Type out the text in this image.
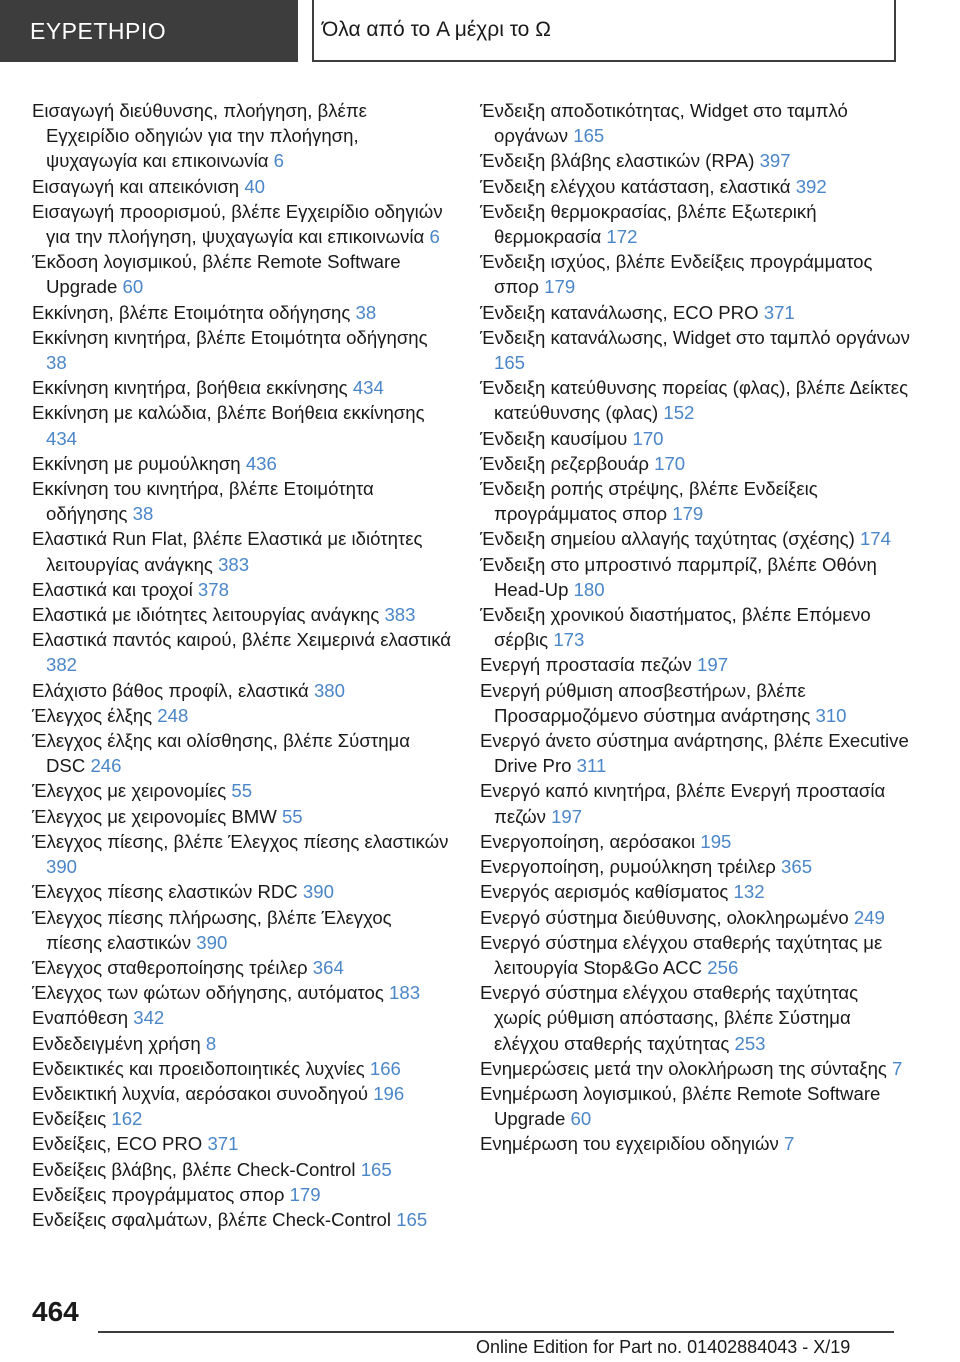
ΕΥΡΕΤΗΡΙΟ	Όλα από το A μέχρι το Ω
Εισαγωγή διεύθυνσης, πλοήγηση, βλέπε Εγχειρίδιο οδηγιών για την πλοήγηση, ψυχαγωγία και επικοινωνία 6
Εισαγωγή και απεικόνιση 40
Εισαγωγή προορισμού, βλέπε Εγχειρίδιο οδηγιών για την πλοήγηση, ψυχαγωγία και επικοινωνία 6
Έκδοση λογισμικού, βλέπε Remote Software Upgrade 60
Εκκίνηση, βλέπε Ετοιμότητα οδήγησης 38
Εκκίνηση κινητήρα, βλέπε Ετοιμότητα οδήγησης 38
Εκκίνηση κινητήρα, βοήθεια εκκίνησης 434
Εκκίνηση με καλώδια, βλέπε Βοήθεια εκκίνησης 434
Εκκίνηση με ρυμούλκηση 436
Εκκίνηση του κινητήρα, βλέπε Ετοιμότητα οδήγησης 38
Ελαστικά Run Flat, βλέπε Ελαστικά με ιδιότητες λειτουργίας ανάγκης 383
Ελαστικά και τροχοί 378
Ελαστικά με ιδιότητες λειτουργίας ανάγκης 383
Ελαστικά παντός καιρού, βλέπε Χειμερινά ελαστικά 382
Ελάχιστο βάθος προφίλ, ελαστικά 380
Έλεγχος έλξης 248
Έλεγχος έλξης και ολίσθησης, βλέπε Σύστημα DSC 246
Έλεγχος με χειρονομίες 55
Έλεγχος με χειρονομίες BMW 55
Έλεγχος πίεσης, βλέπε Έλεγχος πίεσης ελαστικών 390
Έλεγχος πίεσης ελαστικών RDC 390
Έλεγχος πίεσης πλήρωσης, βλέπε Έλεγχος πίεσης ελαστικών 390
Έλεγχος σταθεροποίησης τρέιλερ 364
Έλεγχος των φώτων οδήγησης, αυτόματος 183
Εναπόθεση 342
Ενδεδειγμένη χρήση 8
Ενδεικτικές και προειδοποιητικές λυχνίες 166
Ενδεικτική λυχνία, αερόσακοι συνοδηγού 196
Ενδείξεις 162
Ενδείξεις, ECO PRO 371
Ενδείξεις βλάβης, βλέπε Check-Control 165
Ενδείξεις προγράμματος σπορ 179
Ενδείξεις σφαλμάτων, βλέπε Check-Control 165
Ένδειξη αποδοτικότητας, Widget στο ταμπλό οργάνων 165
Ένδειξη βλάβης ελαστικών (RPA) 397
Ένδειξη ελέγχου κατάσταση, ελαστικά 392
Ένδειξη θερμοκρασίας, βλέπε Εξωτερική θερμοκρασία 172
Ένδειξη ισχύος, βλέπε Ενδείξεις προγράμματος σπορ 179
Ένδειξη κατανάλωσης, ECO PRO 371
Ένδειξη κατανάλωσης, Widget στο ταμπλό οργάνων 165
Ένδειξη κατεύθυνσης πορείας (φλας), βλέπε Δείκτες κατεύθυνσης (φλας) 152
Ένδειξη καυσίμου 170
Ένδειξη ρεζερβουάρ 170
Ένδειξη ροπής στρέψης, βλέπε Ενδείξεις προγράμματος σπορ 179
Ένδειξη σημείου αλλαγής ταχύτητας (σχέσης) 174
Ένδειξη στο μπροστινό παρμπρίζ, βλέπε Οθόνη Head-Up 180
Ένδειξη χρονικού διαστήματος, βλέπε Επόμενο σέρβις 173
Ενεργή προστασία πεζών 197
Ενεργή ρύθμιση αποσβεστήρων, βλέπε Προσαρμοζόμενο σύστημα ανάρτησης 310
Ενεργό άνετο σύστημα ανάρτησης, βλέπε Executive Drive Pro 311
Ενεργό καπό κινητήρα, βλέπε Ενεργή προστασία πεζών 197
Ενεργοποίηση, αερόσακοι 195
Ενεργοποίηση, ρυμούλκηση τρέιλερ 365
Ενεργός αερισμός καθίσματος 132
Ενεργό σύστημα διεύθυνσης, ολοκληρωμένο 249
Ενεργό σύστημα ελέγχου σταθερής ταχύτητας με λειτουργία Stop&Go ACC 256
Ενεργό σύστημα ελέγχου σταθερής ταχύτητας χωρίς ρύθμιση απόστασης, βλέπε Σύστημα ελέγχου σταθερής ταχύτητας 253
Ενημερώσεις μετά την ολοκλήρωση της σύνταξης 7
Ενημέρωση λογισμικού, βλέπε Remote Software Upgrade 60
Ενημέρωση του εγχειριδίου οδηγιών 7
464
Online Edition for Part no. 01402884043 - X/19
